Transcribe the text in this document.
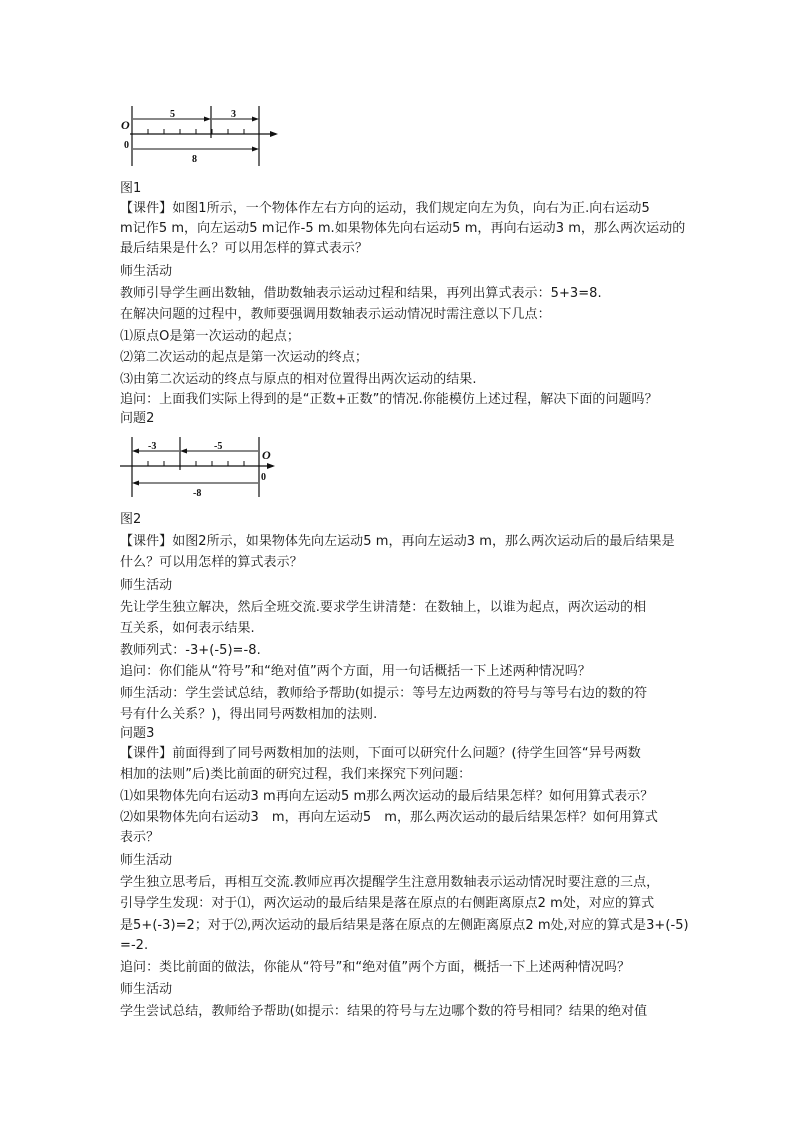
O
0
5	3
8
图1
【课件】如图1所示，一个物体作左右方向的运动，我们规定向左为负，向右为正.向右运动5
m记作5 m，向左运动5 m记作-5 m.如果物体先向右运动5 m，再向右运动3 m，那么两次运动的
最后结果是什么？可以用怎样的算式表示？
师生活动
教师引导学生画出数轴，借助数轴表示运动过程和结果，再列出算式表示：5+3=8.
在解决问题的过程中，教师要强调用数轴表示运动情况时需注意以下几点：
⑴原点O是第一次运动的起点；
⑵第二次运动的起点是第一次运动的终点；
⑶由第二次运动的终点与原点的相对位置得出两次运动的结果.
追问：上面我们实际上得到的是“正数+正数”的情况.你能模仿上述过程，解决下面的问题吗？
问题2
-3	-5
O
0
-8
图2
【课件】如图2所示，如果物体先向左运动5 m，再向左运动3 m，那么两次运动后的最后结果是
什么？可以用怎样的算式表示？
师生活动
先让学生独立解决，然后全班交流.要求学生讲清楚：在数轴上，以谁为起点，两次运动的相
互关系，如何表示结果.
教师列式：-3+(-5)=-8.
追问：你们能从“符号”和“绝对值”两个方面，用一句话概括一下上述两种情况吗？
师生活动：学生尝试总结，教师给予帮助(如提示：等号左边两数的符号与等号右边的数的符
号有什么关系？)，得出同号两数相加的法则.
问题3
【课件】前面得到了同号两数相加的法则，下面可以研究什么问题？(待学生回答“异号两数
相加的法则”后)类比前面的研究过程，我们来探究下列问题：
⑴如果物体先向右运动3 m再向左运动5 m那么两次运动的最后结果怎样？如何用算式表示？
⑵如果物体先向右运动3　m，再向左运动5　m，那么两次运动的最后结果怎样？如何用算式
表示？
师生活动
学生独立思考后，再相互交流.教师应再次提醒学生注意用数轴表示运动情况时要注意的三点，
引导学生发现：对于⑴，两次运动的最后结果是落在原点的右侧距离原点2 m处，对应的算式
是5+(-3)=2；对于⑵,两次运动的最后结果是落在原点的左侧距离原点2 m处,对应的算式是3+(-5)
=-2.
追问：类比前面的做法，你能从“符号”和“绝对值”两个方面，概括一下上述两种情况吗？
师生活动
学生尝试总结，教师给予帮助(如提示：结果的符号与左边哪个数的符号相同？结果的绝对值
